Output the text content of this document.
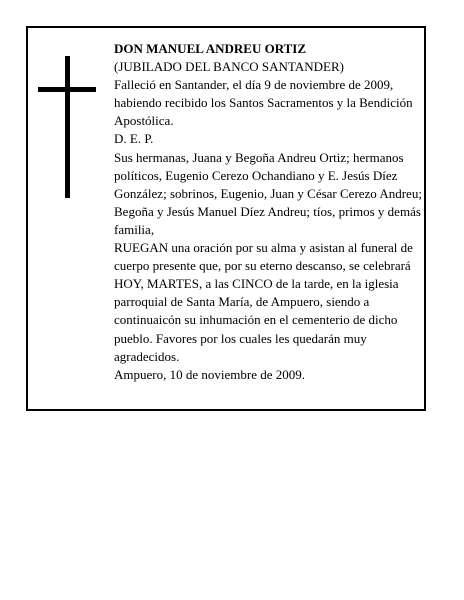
DON MANUEL ANDREU ORTIZ

(JUBILADO DEL BANCO SANTANDER)

Falleció en Santander, el día 9 de noviembre de 2009, habiendo recibido los Santos Sacramentos y la Bendición Apostólica.

D. E. P.

Sus hermanas, Juana y Begoña Andreu Ortiz; hermanos políticos, Eugenio Cerezo Ochandiano y E. Jesús Díez González; sobrinos, Eugenio, Juan y César Cerezo Andreu; Begoña y Jesús Manuel Díez Andreu; tíos, primos y demás familia,

RUEGAN una oración por su alma y asistan al funeral de cuerpo presente que, por su eterno descanso, se celebrará HOY, MARTES, a las CINCO de la tarde, en la iglesia parroquial de Santa María, de Ampuero, siendo a continuaicón su inhumación en el cementerio de dicho pueblo. Favores por los cuales les quedarán muy agradecidos.

Ampuero, 10 de noviembre de 2009.
